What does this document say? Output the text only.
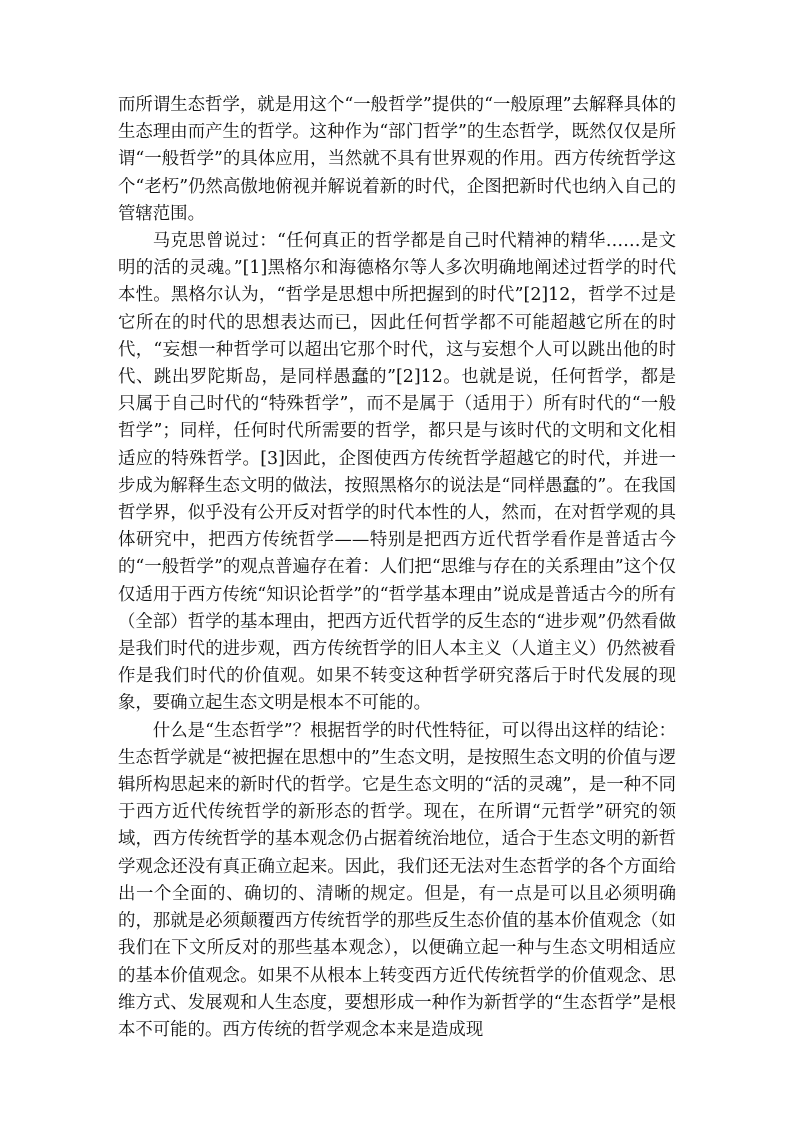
而所谓生态哲学，就是用这个“一般哲学”提供的“一般原理”去解释具体的生态理由而产生的哲学。这种作为“部门哲学”的生态哲学，既然仅仅是所谓“一般哲学”的具体应用，当然就不具有世界观的作用。西方传统哲学这个“老朽”仍然高傲地俯视并解说着新的时代，企图把新时代也纳入自己的管辖范围。

马克思曾说过：“任何真正的哲学都是自己时代精神的精华……是文明的活的灵魂。”[1]黑格尔和海德格尔等人多次明确地阐述过哲学的时代本性。黑格尔认为，“哲学是思想中所把握到的时代”[2]12，哲学不过是它所在的时代的思想表达而已，因此任何哲学都不可能超越它所在的时代，“妄想一种哲学可以超出它那个时代，这与妄想个人可以跳出他的时代、跳出罗陀斯岛，是同样愚蠢的”[2]12。也就是说，任何哲学，都是只属于自己时代的“特殊哲学”，而不是属于（适用于）所有时代的“一般哲学”；同样，任何时代所需要的哲学，都只是与该时代的文明和文化相适应的特殊哲学。[3]因此，企图使西方传统哲学超越它的时代，并进一步成为解释生态文明的做法，按照黑格尔的说法是“同样愚蠢的”。在我国哲学界，似乎没有公开反对哲学的时代本性的人，然而，在对哲学观的具体研究中，把西方传统哲学——特别是把西方近代哲学看作是普适古今的“一般哲学”的观点普遍存在着：人们把“思维与存在的关系理由”这个仅仅适用于西方传统“知识论哲学”的“哲学基本理由”说成是普适古今的所有（全部）哲学的基本理由，把西方近代哲学的反生态的“进步观”仍然看做是我们时代的进步观，西方传统哲学的旧人本主义（人道主义）仍然被看作是我们时代的价值观。如果不转变这种哲学研究落后于时代发展的现象，要确立起生态文明是根本不可能的。

什么是“生态哲学”？根据哲学的时代性特征，可以得出这样的结论：生态哲学就是“被把握在思想中的”生态文明，是按照生态文明的价值与逻辑所构思起来的新时代的哲学。它是生态文明的“活的灵魂”，是一种不同于西方近代传统哲学的新形态的哲学。现在，在所谓“元哲学”研究的领域，西方传统哲学的基本观念仍占据着统治地位，适合于生态文明的新哲学观念还没有真正确立起来。因此，我们还无法对生态哲学的各个方面给出一个全面的、确切的、清晰的规定。但是，有一点是可以且必须明确的，那就是必须颠覆西方传统哲学的那些反生态价值的基本价值观念（如我们在下文所反对的那些基本观念），以便确立起一种与生态文明相适应的基本价值观念。如果不从根本上转变西方近代传统哲学的价值观念、思维方式、发展观和人生态度，要想形成一种作为新哲学的“生态哲学”是根本不可能的。西方传统的哲学观念本来是造成现
